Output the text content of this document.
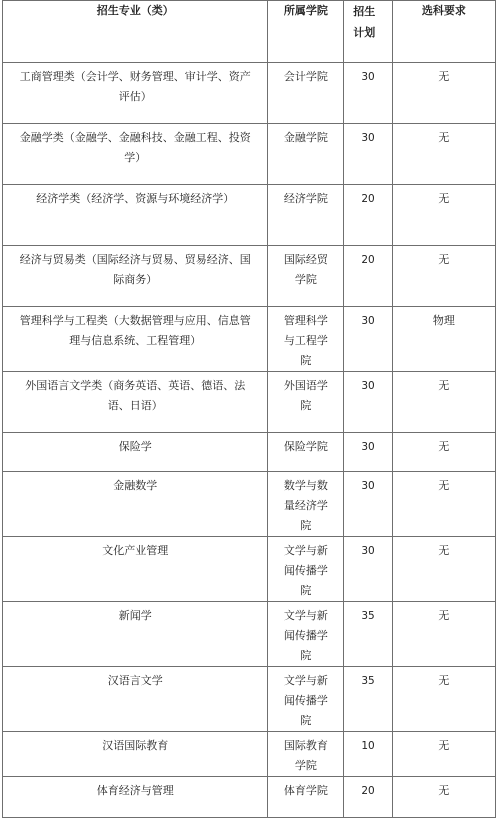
招生专业（类）	所属学院	招生计划	选科要求

工商管理类（会计学、财务管理、审计学、资产评估）	会计学院	30	无

金融学类（金融学、金融科技、金融工程、投资学）	金融学院	30	无

经济学类（经济学、资源与环境经济学）	经济学院	20	无

经济与贸易类（国际经济与贸易、贸易经济、国际商务）	国际经贸学院	20	无

管理科学与工程类（大数据管理与应用、信息管理与信息系统、工程管理）	管理科学与工程学院	30	物理

外国语言文学类（商务英语、英语、德语、法语、日语）	外国语学院	30	无

保险学	保险学院	30	无

金融数学	数学与数量经济学院	30	无

文化产业管理	文学与新闻传播学院	30	无

新闻学	文学与新闻传播学院	35	无

汉语言文学	文学与新闻传播学院	35	无

汉语国际教育	国际教育学院	10	无

体育经济与管理	体育学院	20	无
